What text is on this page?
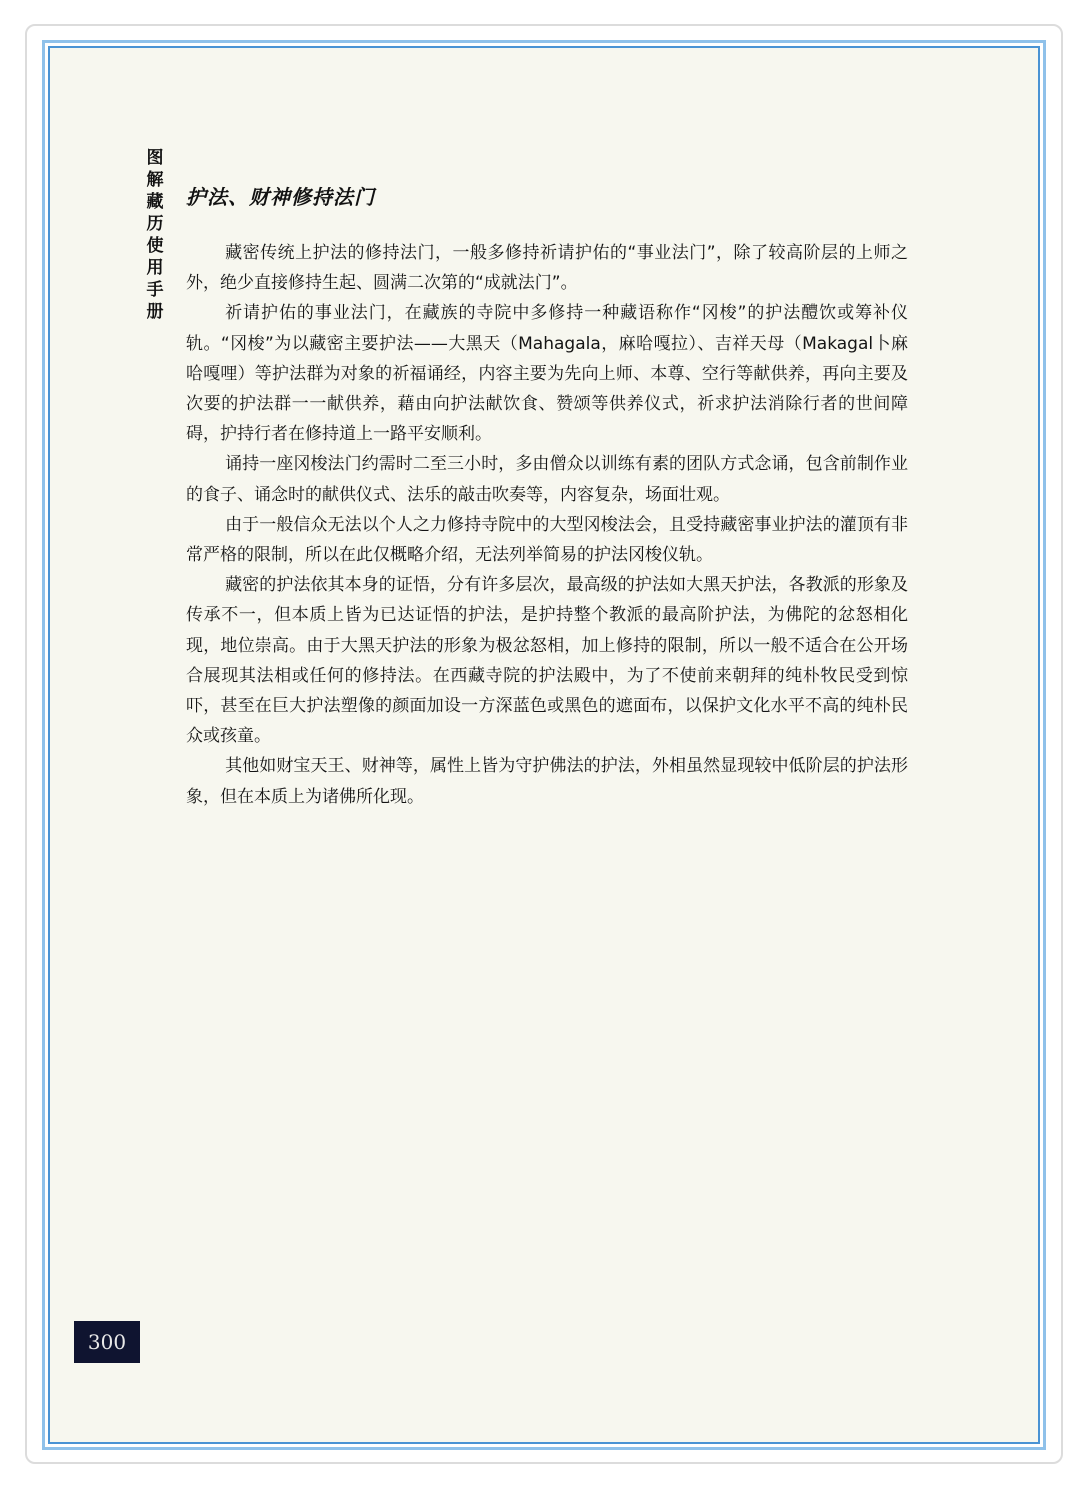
图解藏历使用手册
护法、财神修持法门

藏密传统上护法的修持法门，一般多修持祈请护佑的“事业法门”，除了较高阶层的上师之外，绝少直接修持生起、圆满二次第的“成就法门”。

祈请护佑的事业法门，在藏族的寺院中多修持一种藏语称作“冈梭”的护法醴饮或筹补仪轨。“冈梭”为以藏密主要护法——大黑天（Mahagala，麻哈嘎拉）、吉祥天母（Makagal卜麻哈嘎哩）等护法群为对象的祈福诵经，内容主要为先向上师、本尊、空行等献供养，再向主要及次要的护法群一一献供养，藉由向护法献饮食、赞颂等供养仪式，祈求护法消除行者的世间障碍，护持行者在修持道上一路平安顺利。

诵持一座冈梭法门约需时二至三小时，多由僧众以训练有素的团队方式念诵，包含前制作业的食子、诵念时的献供仪式、法乐的敲击吹奏等，内容复杂，场面壮观。

由于一般信众无法以个人之力修持寺院中的大型冈梭法会，且受持藏密事业护法的灌顶有非常严格的限制，所以在此仅概略介绍，无法列举简易的护法冈梭仪轨。

藏密的护法依其本身的证悟，分有许多层次，最高级的护法如大黑天护法，各教派的形象及传承不一，但本质上皆为已达证悟的护法，是护持整个教派的最高阶护法，为佛陀的忿怒相化现，地位崇高。由于大黑天护法的形象为极忿怒相，加上修持的限制，所以一般不适合在公开场合展现其法相或任何的修持法。在西藏寺院的护法殿中，为了不使前来朝拜的纯朴牧民受到惊吓，甚至在巨大护法塑像的颜面加设一方深蓝色或黑色的遮面布，以保护文化水平不高的纯朴民众或孩童。

其他如财宝天王、财神等，属性上皆为守护佛法的护法，外相虽然显现较中低阶层的护法形象，但在本质上为诸佛所化现。

300
